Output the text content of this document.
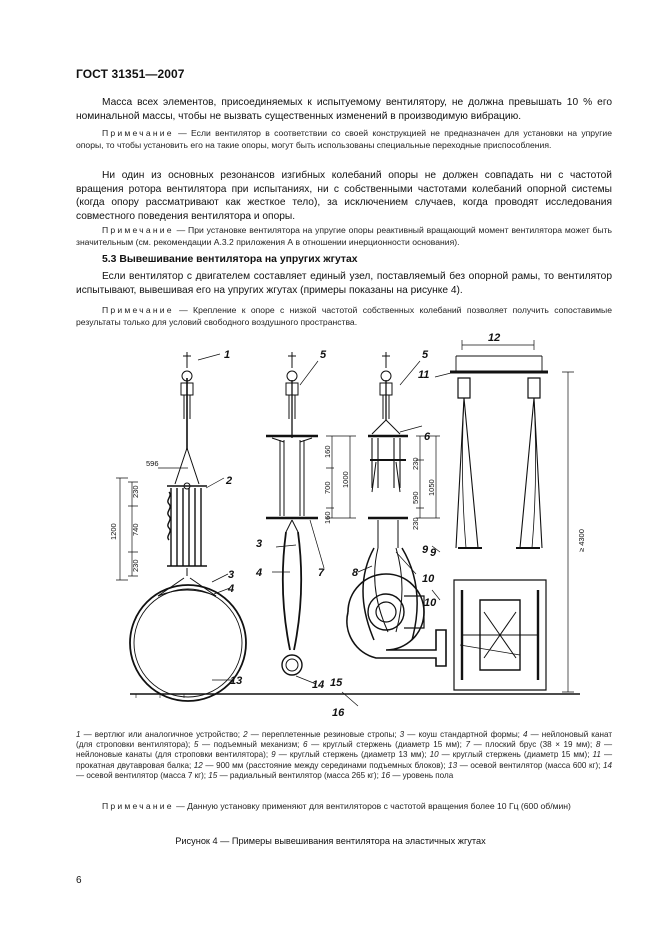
ГОСТ 31351—2007
Масса всех элементов, присоединяемых к испытуемому вентилятору, не должна превышать 10 % его номинальной массы, чтобы не вызвать существенных изменений в производимую вибрацию.
Примечание — Если вентилятор в соответствии со своей конструкцией не предназначен для установки на упругие опоры, то чтобы установить его на такие опоры, могут быть использованы специальные переходные приспособления.
Ни один из основных резонансов изгибных колебаний опоры не должен совпадать ни с частотой вращения ротора вентилятора при испытаниях, ни с собственными частотами колебаний опорной системы (когда опору рассматривают как жесткое тело), за исключением случаев, когда проводят исследования совместного поведения вентилятора и опоры.
Примечание — При установке вентилятора на упругие опоры реактивный вращающий момент вентилятора может быть значительным (см. рекомендации А.3.2 приложения А в отношении инерционности основания).
5.3 Вывешивание вентилятора на упругих жгутах
Если вентилятор с двигателем составляет единый узел, поставляемый без опорной рамы, то вентилятор испытывают, вывешивая его на упругих жгутах (примеры показаны на рисунке 4).
Примечание — Крепление к опоре с низкой частотой собственных колебаний позволяет получить сопоставимые результаты только для условий свободного воздушного пространства.
1
2
3
4
5
3
4	7
14
5
6
8
9
10
9
10
11
12
13	15
16
596
1200
230
740
230
160
700
160
1000
230
590
230
1050
≥ 4300
1 — вертлюг или аналогичное устройство; 2 — переплетенные резиновые стропы; 3 — коуш стандартной формы; 4 — нейлоновый канат (для строповки вентилятора); 5 — подъемный механизм; 6 — круглый стержень (диаметр 15 мм); 7 — плоский брус (38 × 19 мм); 8 — нейлоновые канаты (для строповки вентилятора); 9 — круглый стержень (диаметр 13 мм); 10 — круглый стержень (диаметр 15 мм); 11 — прокатная двутавровая балка; 12 — 900 мм (расстояние между серединами подъемных блоков); 13 — осевой вентилятор (масса 600 кг); 14 — осевой вентилятор (масса 7 кг); 15 — радиальный вентилятор (масса 265 кг); 16 — уровень пола
Примечание — Данную установку применяют для вентиляторов с частотой вращения более 10 Гц (600 об/мин)
Рисунок 4 — Примеры вывешивания вентилятора на эластичных жгутах
6
